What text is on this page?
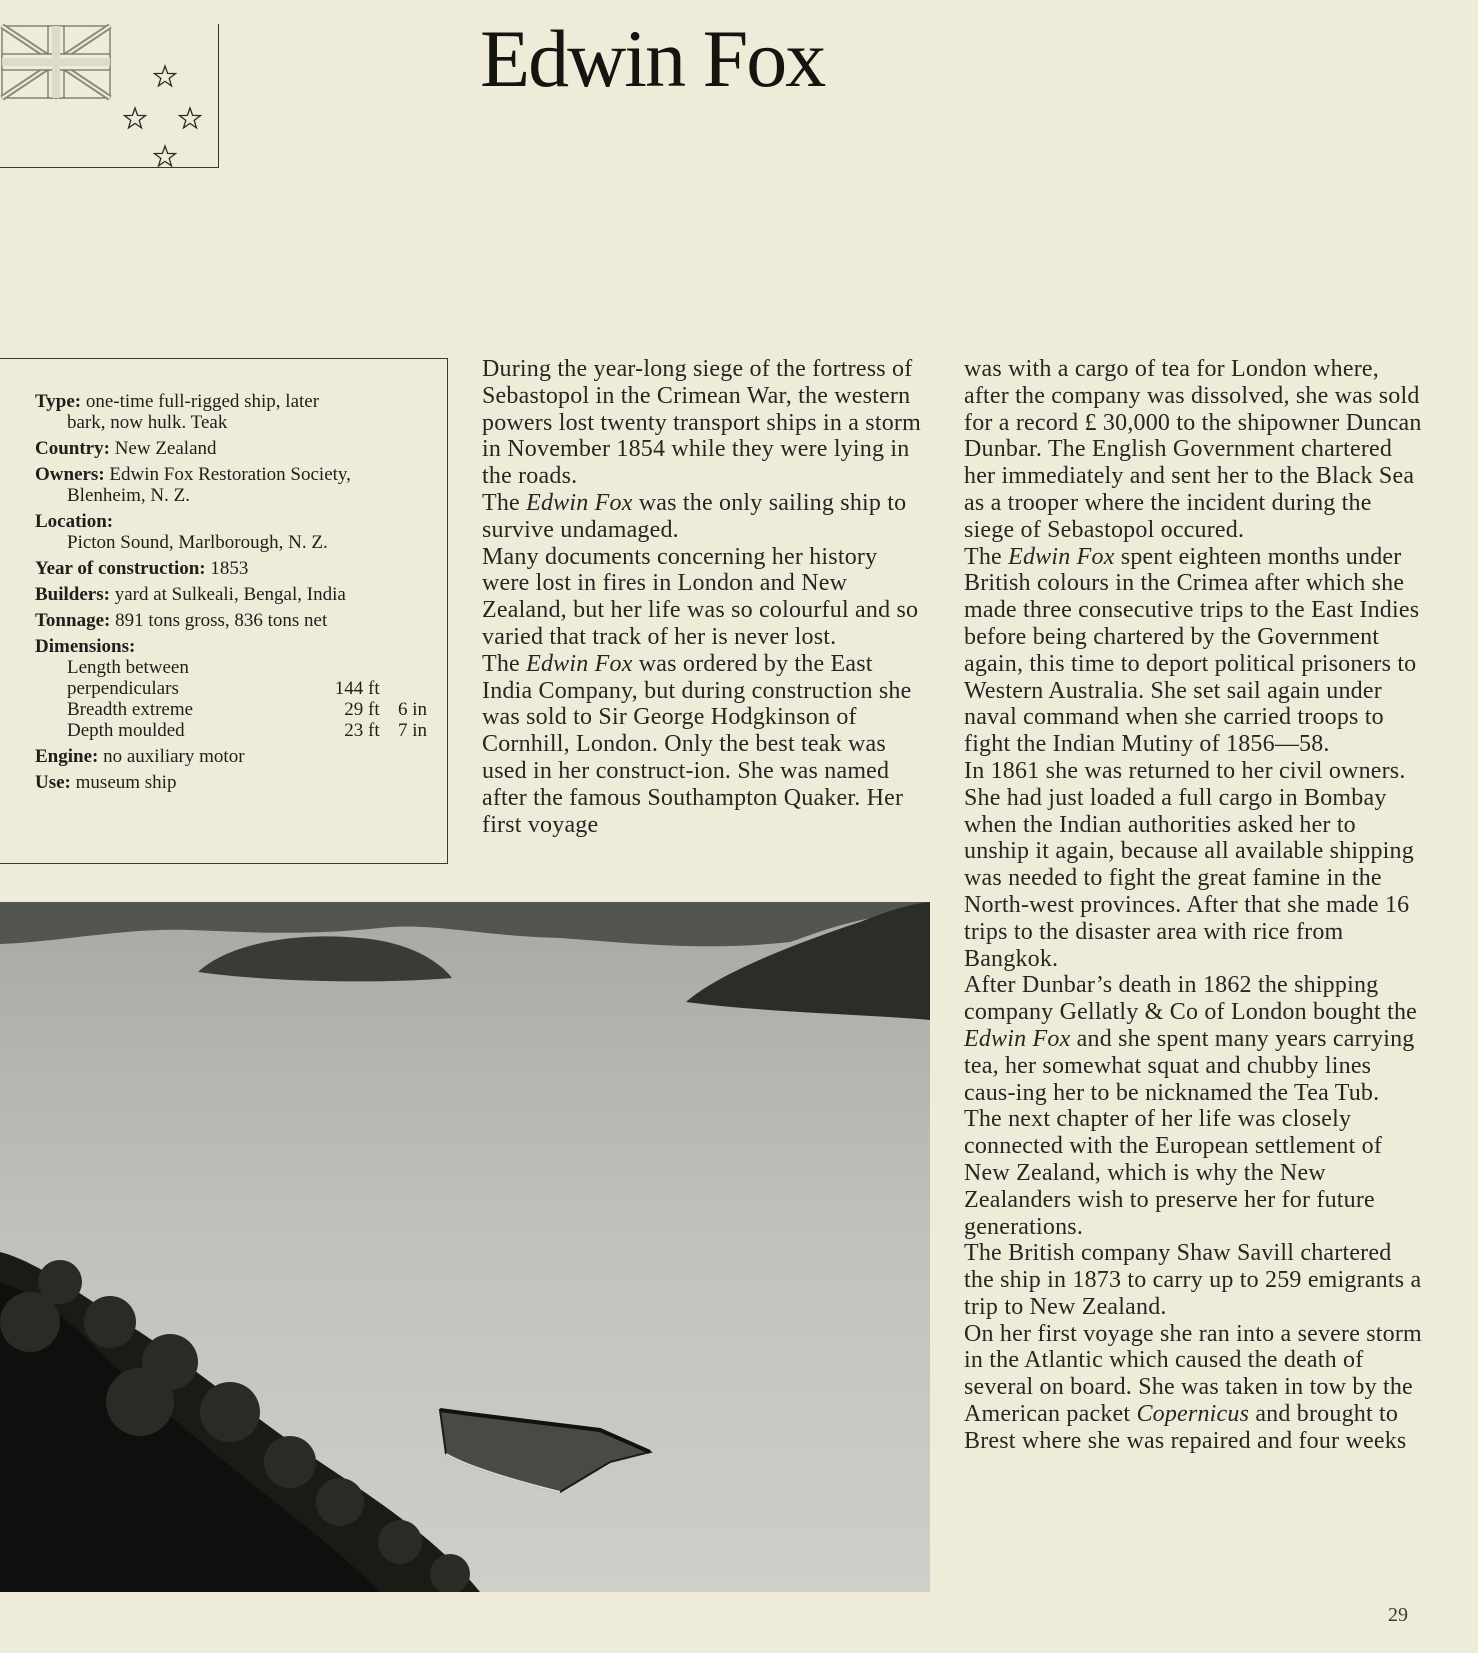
Edwin Fox
Type: one-time full-rigged ship, later
bark, now hulk. Teak
Country: New Zealand
Owners: Edwin Fox Restoration Society,
Blenheim, N. Z.
Location:
Picton Sound, Marlborough, N. Z.
Year of construction: 1853
Builders: yard at Sulkeali, Bengal, India
Tonnage: 891 tons gross, 836 tons net
Dimensions:
Length between
perpendiculars	144 ft
Breadth extreme	29 ft 6 in
Depth moulded	23 ft 7 in
Engine: no auxiliary motor
Use: museum ship

During the year-long siege of the fortress of Sebastopol in the Crimean War, the western powers lost twenty transport ships in a storm in November 1854 while they were lying in the roads.

The Edwin Fox was the only sailing ship to survive undamaged.

Many documents concerning her history were lost in fires in London and New Zealand, but her life was so colourful and so varied that track of her is never lost.

The Edwin Fox was ordered by the East India Company, but during construction she was sold to Sir George Hodgkinson of Cornhill, London. Only the best teak was used in her construct-ion. She was named after the famous Southampton Quaker. Her first voyage

was with a cargo of tea for London where, after the company was dissolved, she was sold for a record £ 30,000 to the shipowner Duncan Dunbar. The English Government chartered her immediately and sent her to the Black Sea as a trooper where the incident during the siege of Sebastopol occured.

The Edwin Fox spent eighteen months under British colours in the Crimea after which she made three consecutive trips to the East Indies before being chartered by the Government again, this time to deport political prisoners to Western Australia. She set sail again under naval command when she carried troops to fight the Indian Mutiny of 1856—58.

In 1861 she was returned to her civil owners. She had just loaded a full cargo in Bombay when the Indian authorities asked her to unship it again, because all available shipping was needed to fight the great famine in the North-west provinces. After that she made 16 trips to the disaster area with rice from Bangkok.

After Dunbar’s death in 1862 the shipping company Gellatly & Co of London bought the Edwin Fox and she spent many years carrying tea, her somewhat squat and chubby lines caus-ing her to be nicknamed the Tea Tub.

The next chapter of her life was closely connected with the European settlement of New Zealand, which is why the New Zealanders wish to preserve her for future generations.

The British company Shaw Savill chartered the ship in 1873 to carry up to 259 emigrants a trip to New Zealand.

On her first voyage she ran into a severe storm in the Atlantic which caused the death of several on board. She was taken in tow by the American packet Copernicus and brought to Brest where she was repaired and four weeks

29
